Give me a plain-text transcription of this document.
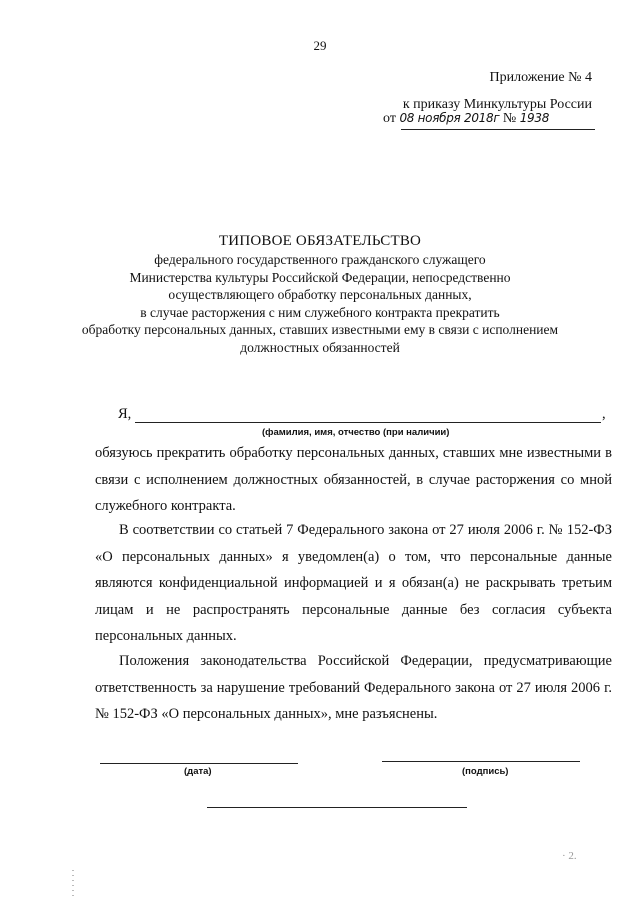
29
Приложение № 4
к приказу Минкультуры России
от 08 ноября 2018г № 1938
ТИПОВОЕ ОБЯЗАТЕЛЬСТВО
федерального государственного гражданского служащего
Министерства культуры Российской Федерации, непосредственно
осуществляющего обработку персональных данных,
в случае расторжения с ним служебного контракта прекратить
обработку персональных данных, ставших известными ему в связи с исполнением
должностных обязанностей
Я,	,
(фамилия, имя, отчество (при наличии)
обязуюсь прекратить обработку персональных данных, ставших мне известными в связи с исполнением должностных обязанностей, в случае расторжения со мной служебного контракта.
В соответствии со статьей 7 Федерального закона от 27 июля 2006 г. № 152-ФЗ «О персональных данных» я уведомлен(а) о том, что персональные данные являются конфиденциальной информацией и я обязан(а) не раскрывать третьим лицам и не распространять персональные данные без согласия субъекта персональных данных.
Положения законодательства Российской Федерации, предусматривающие ответственность за нарушение требований Федерального закона от 27 июля 2006 г. № 152-ФЗ «О персональных данных», мне разъяснены.
(дата)	(подпись)
· 2.
